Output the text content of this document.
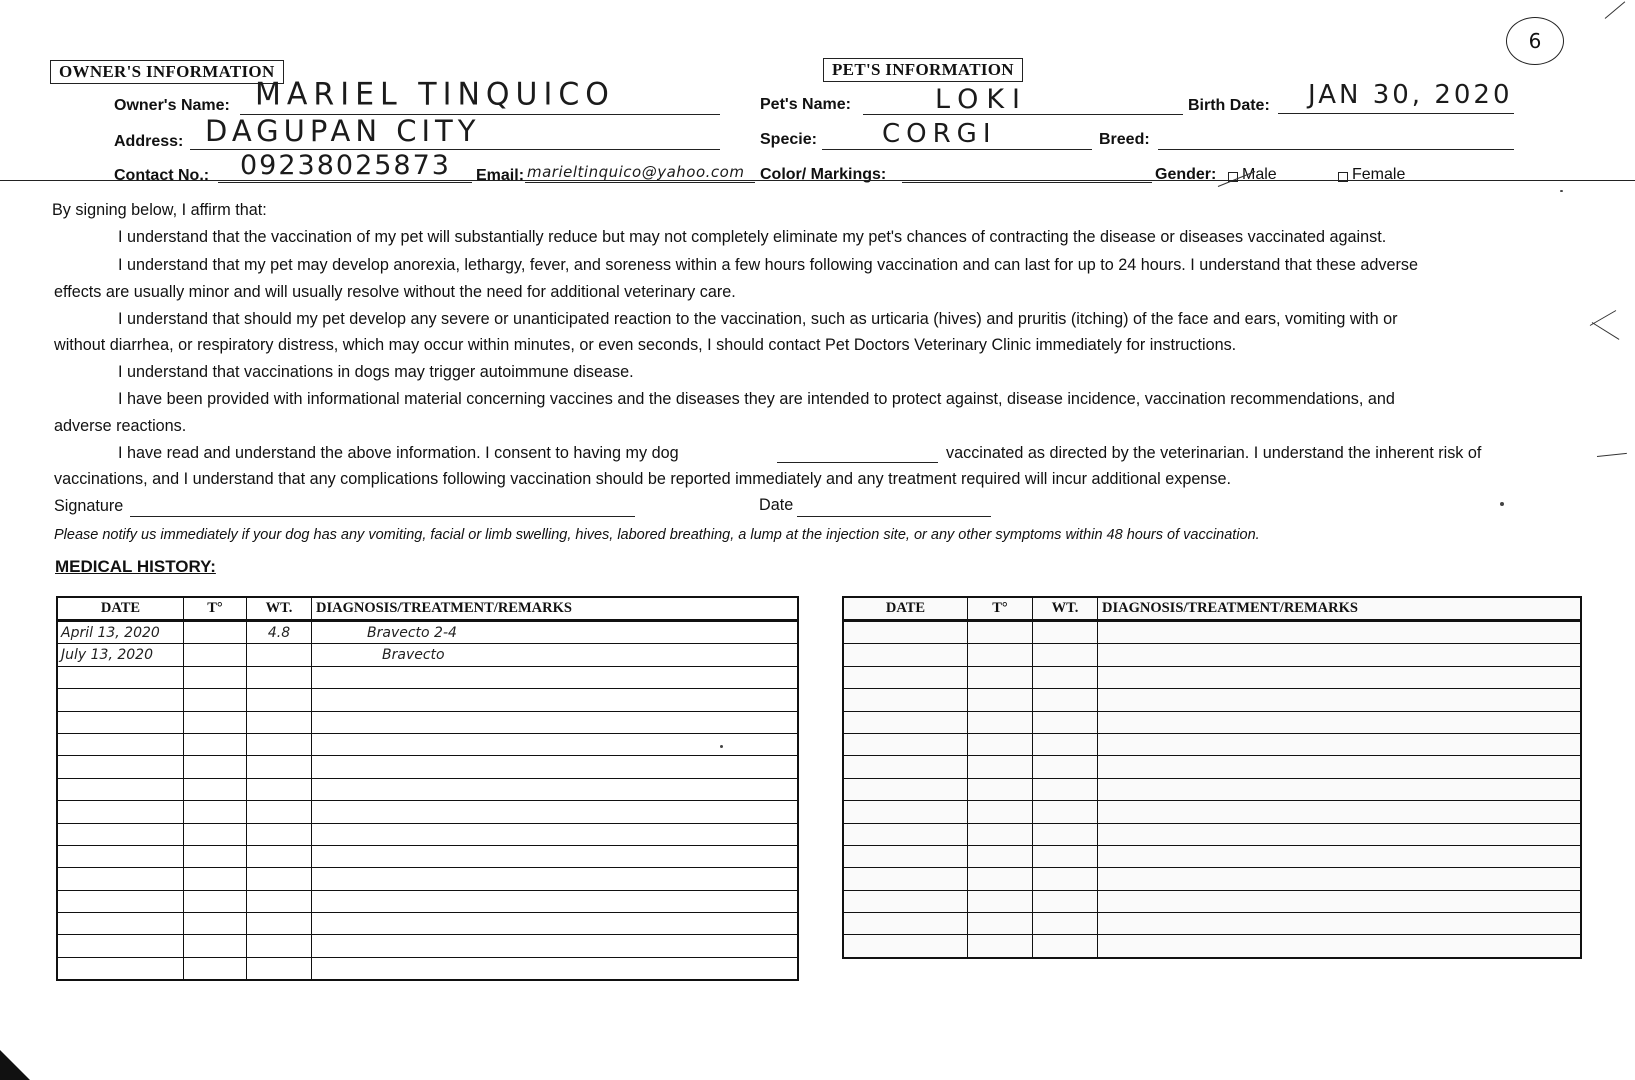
6
OWNER'S INFORMATION	PET'S INFORMATION
Owner's Name: MARIEL TINQUICO	Pet's Name:	LOKI	Birth Date: JAN 30, 2020
Address: DAGUPAN CITY	Specie:	CORGI	Breed:
Contact No.: 09238025873 Email: marieltinquico@yahoo.com Color/ Markings:	Gender: Male	Female
By signing below, I affirm that:
I understand that the vaccination of my pet will substantially reduce but may not completely eliminate my pet's chances of contracting the disease or diseases vaccinated against.
I understand that my pet may develop anorexia, lethargy, fever, and soreness within a few hours following vaccination and can last for up to 24 hours. I understand that these adverse
effects are usually minor and will usually resolve without the need for additional veterinary care.
I understand that should my pet develop any severe or unanticipated reaction to the vaccination, such as urticaria (hives) and pruritis (itching) of the face and ears, vomiting with or
without diarrhea, or respiratory distress, which may occur within minutes, or even seconds, I should contact Pet Doctors Veterinary Clinic immediately for instructions.
I understand that vaccinations in dogs may trigger autoimmune disease.
I have been provided with informational material concerning vaccines and the diseases they are intended to protect against, disease incidence, vaccination recommendations, and
adverse reactions.
I have read and understand the above information. I consent to having my dog	vaccinated as directed by the veterinarian. I understand the inherent risk of
vaccinations, and I understand that any complications following vaccination should be reported immediately and any treatment required will incur additional expense.
Signature	Date
Please notify us immediately if your dog has any vomiting, facial or limb swelling, hives, labored breathing, a lump at the injection site, or any other symptoms within 48 hours of vaccination.
MEDICAL HISTORY:
DATE	T°	WT.	DIAGNOSIS/TREATMENT/REMARKS
April 13, 2020		4.8	Bravecto 2-4
July 13, 2020			Bravecto

DATE	T°	WT.	DIAGNOSIS/TREATMENT/REMARKS
